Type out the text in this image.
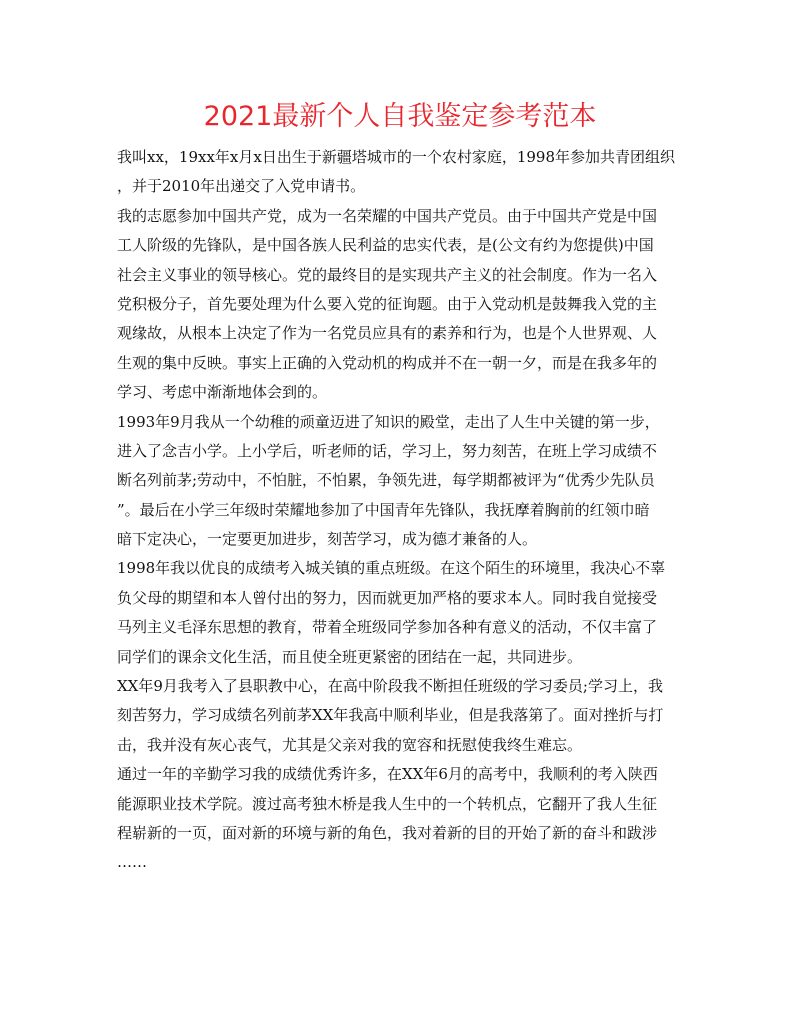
2021最新个人自我鉴定参考范本
我叫xx，19xx年x月x日出生于新疆塔城市的一个农村家庭，1998年参加共青团组织
，并于2010年出递交了入党申请书。
我的志愿参加中国共产党，成为一名荣耀的中国共产党员。由于中国共产党是中国
工人阶级的先锋队，是中国各族人民利益的忠实代表，是(公文有约为您提供)中国
社会主义事业的领导核心。党的最终目的是实现共产主义的社会制度。作为一名入
党积极分子，首先要处理为什么要入党的征询题。由于入党动机是鼓舞我入党的主
观缘故，从根本上决定了作为一名党员应具有的素养和行为，也是个人世界观、人
生观的集中反映。事实上正确的入党动机的构成并不在一朝一夕，而是在我多年的
学习、考虑中渐渐地体会到的。
1993年9月我从一个幼稚的顽童迈进了知识的殿堂，走出了人生中关键的第一步，
进入了念吉小学。上小学后，听老师的话，学习上，努力刻苦，在班上学习成绩不
断名列前茅;劳动中，不怕脏，不怕累，争领先进，每学期都被评为“优秀少先队员
”。最后在小学三年级时荣耀地参加了中国青年先锋队，我抚摩着胸前的红领巾暗
暗下定决心，一定要更加进步，刻苦学习，成为德才兼备的人。
1998年我以优良的成绩考入城关镇的重点班级。在这个陌生的环境里，我决心不辜
负父母的期望和本人曾付出的努力，因而就更加严格的要求本人。同时我自觉接受
马列主义毛泽东思想的教育，带着全班级同学参加各种有意义的活动，不仅丰富了
同学们的课余文化生活，而且使全班更紧密的团结在一起，共同进步。
XX年9月我考入了县职教中心，在高中阶段我不断担任班级的学习委员;学习上，我
刻苦努力，学习成绩名列前茅XX年我高中顺利毕业，但是我落第了。面对挫折与打
击，我并没有灰心丧气，尤其是父亲对我的宽容和抚慰使我终生难忘。
通过一年的辛勤学习我的成绩优秀许多，在XX年6月的高考中，我顺利的考入陕西
能源职业技术学院。渡过高考独木桥是我人生中的一个转机点，它翻开了我人生征
程崭新的一页，面对新的环境与新的角色，我对着新的目的开始了新的奋斗和跋涉
……
